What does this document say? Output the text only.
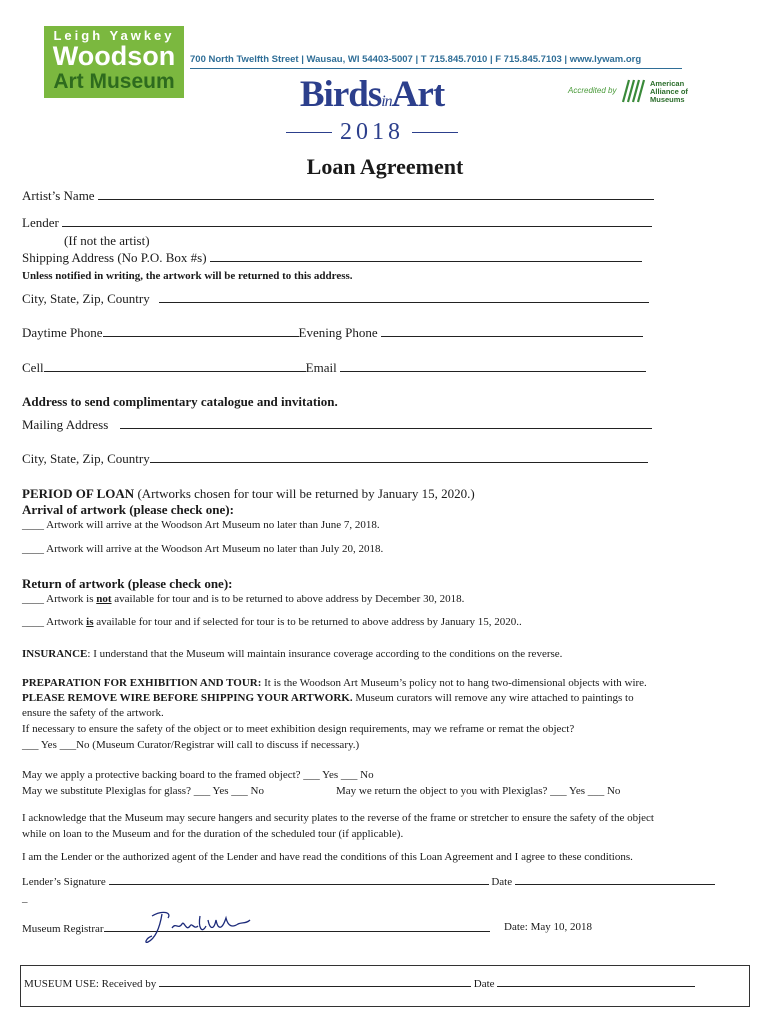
Leigh Yawkey
Woodson
Art Museum
700 North Twelfth Street | Wausau, WI 54403-5007 | T 715.845.7010 | F 715.845.7103 | www.lywam.org
BirdsinArt
2018
Accredited by
American Alliance of Museums
Loan Agreement
Artist’s Name
Lender
(If not the artist)
Shipping Address (No P.O. Box #s)
Unless notified in writing, the artwork will be returned to this address.
City, State, Zip, Country
Daytime Phone	Evening Phone
Cell	Email
Address to send complimentary catalogue and invitation.
Mailing Address
City, State, Zip, Country
PERIOD OF LOAN (Artworks chosen for tour will be returned by January 15, 2020.)
Arrival of artwork (please check one):
____ Artwork will arrive at the Woodson Art Museum no later than June 7, 2018.
____ Artwork will arrive at the Woodson Art Museum no later than July 20, 2018.
Return of artwork (please check one):
____ Artwork is not available for tour and is to be returned to above address by December 30, 2018.
____ Artwork is available for tour and if selected for tour is to be returned to above address by January 15, 2020..
INSURANCE: I understand that the Museum will maintain insurance coverage according to the conditions on the reverse.
PREPARATION FOR EXHIBITION AND TOUR: It is the Woodson Art Museum’s policy not to hang two-dimensional objects with wire.
PLEASE REMOVE WIRE BEFORE SHIPPING YOUR ARTWORK. Museum curators will remove any wire attached to paintings to
ensure the safety of the artwork.
If necessary to ensure the safety of the object or to meet exhibition design requirements, may we reframe or remat the object?
___ Yes ___No (Museum Curator/Registrar will call to discuss if necessary.)
May we apply a protective backing board to the framed object? ___ Yes ___ No
May we substitute Plexiglas for glass? ___ Yes ___ No	May we return the object to you with Plexiglas? ___ Yes ___ No
I acknowledge that the Museum may secure hangers and security plates to the reverse of the frame or stretcher to ensure the safety of the object
while on loan to the Museum and for the duration of the scheduled tour (if applicable).
I am the Lender or the authorized agent of the Lender and have read the conditions of this Loan Agreement and I agree to these conditions.
Lender’s Signature	Date
_
Museum Registrar	Date: May 10, 2018
MUSEUM USE: Received by	Date
